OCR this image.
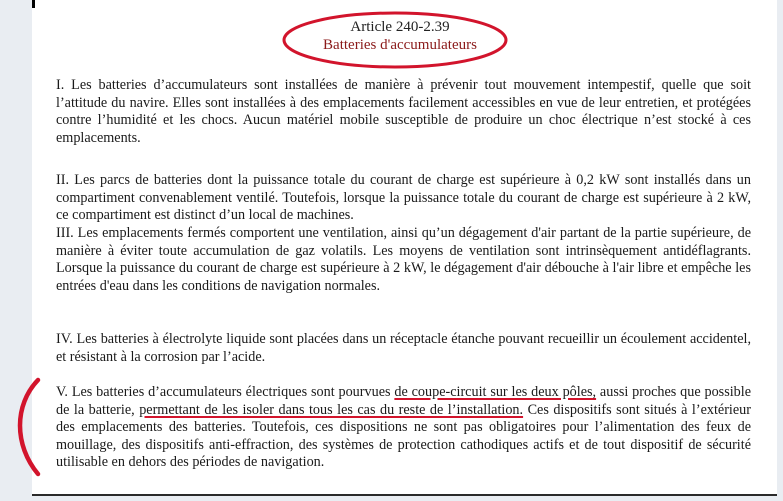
Article 240-2.39
Batteries d'accumulateurs
I. Les batteries d’accumulateurs sont installées de manière à prévenir tout mouvement intempestif, quelle que soit l’attitude du navire. Elles sont installées à des emplacements facilement accessibles en vue de leur entretien, et protégées contre l’humidité et les chocs. Aucun matériel mobile susceptible de produire un choc électrique n’est stocké à ces emplacements.
II. Les parcs de batteries dont la puissance totale du courant de charge est supérieure à 0,2 kW sont installés dans un compartiment convenablement ventilé. Toutefois, lorsque la puissance totale du courant de charge est supérieure à 2 kW, ce compartiment est distinct d’un local de machines.
III. Les emplacements fermés comportent une ventilation, ainsi qu’un dégagement d'air partant de la partie supérieure, de manière à éviter toute accumulation de gaz volatils. Les moyens de ventilation sont intrinsèquement antidéflagrants. Lorsque la puissance du courant de charge est supérieure à 2 kW, le dégagement d'air débouche à l'air libre et empêche les entrées d'eau dans les conditions de navigation normales.
IV. Les batteries à électrolyte liquide sont placées dans un réceptacle étanche pouvant recueillir un écoulement accidentel, et résistant à la corrosion par l’acide.
V. Les batteries d’accumulateurs électriques sont pourvues de coupe-circuit sur les deux pôles, aussi proches que possible de la batterie, permettant de les isoler dans tous les cas du reste de l’installation. Ces dispositifs sont situés à l’extérieur des emplacements des batteries. Toutefois, ces dispositions ne sont pas obligatoires pour l’alimentation des feux de mouillage, des dispositifs anti-effraction, des systèmes de protection cathodiques actifs et de tout dispositif de sécurité utilisable en dehors des périodes de navigation.
